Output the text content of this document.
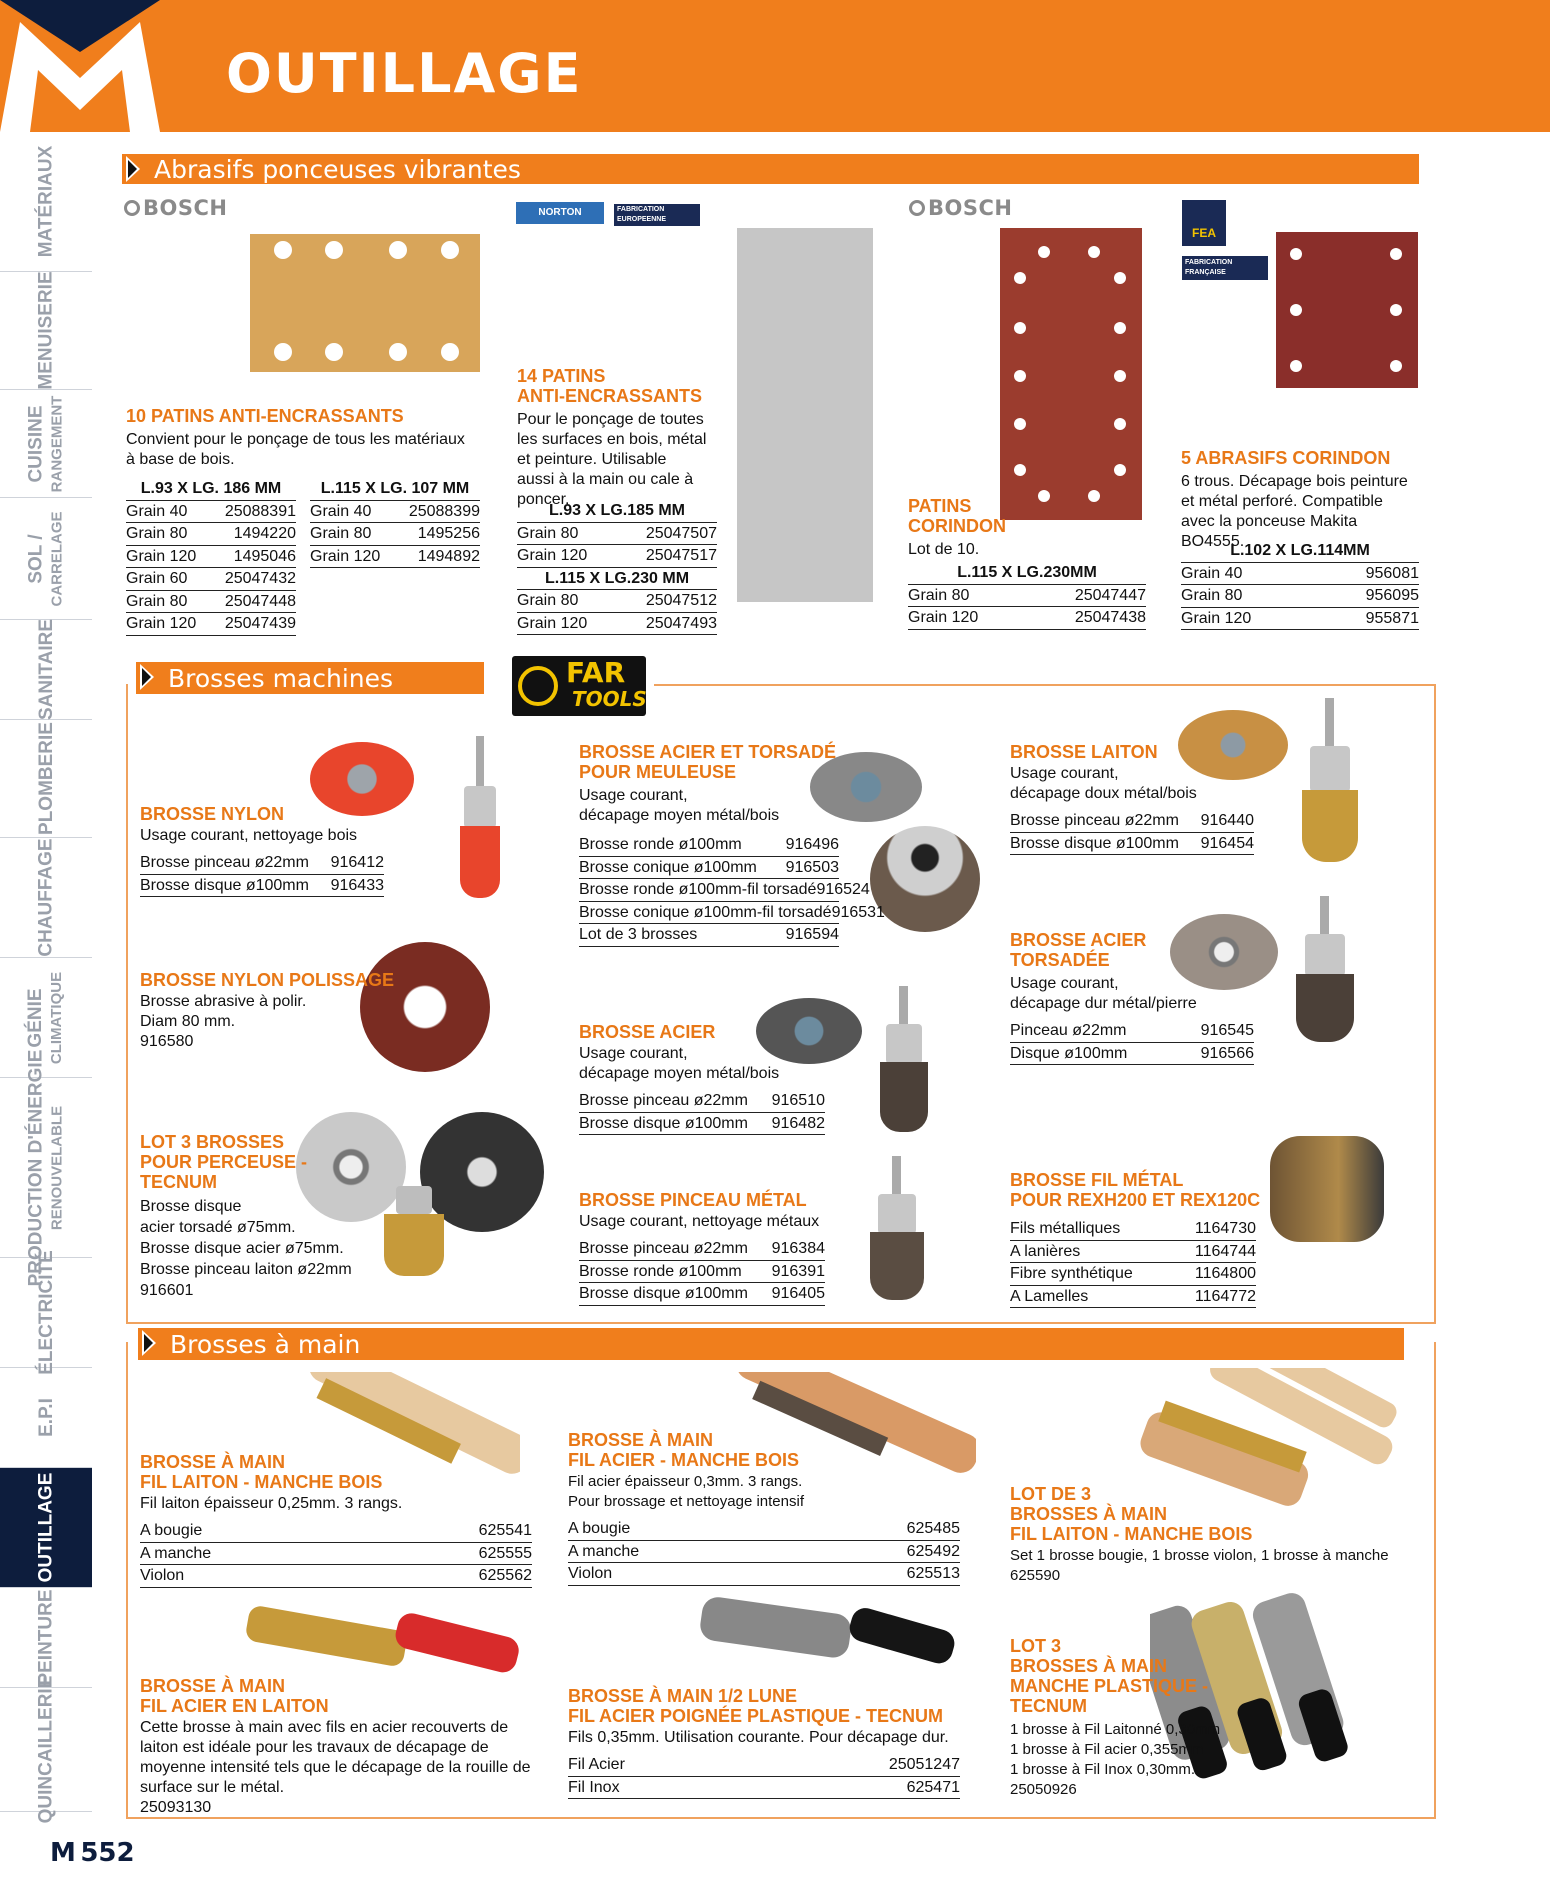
OUTILLAGE
MATÉRIAUX
MENUISERIE
CUISINE RANGEMENT
SOL / CARRELAGE
SANITAIRE
PLOMBERIE
CHAUFFAGE
GÉNIE CLIMATIQUE
PRODUCTION D'ÉNERGIE RENOUVELABLE
ÉLECTRICITÉ
E.P.I
OUTILLAGE
PEINTURE
QUINCAILLERIE
Abrasifs ponceuses vibrantes
BOSCH
10 PATINS ANTI-ENCRASSANTS
Convient pour le ponçage de tous les matériaux à base de bois.
L.93 X LG. 186 MM
Grain 40 25088391
Grain 80	1494220
Grain 120 1495046
Grain 60 25047432
Grain 80 25047448
Grain 120 25047439
L.115 X LG. 107 MM
Grain 40 25088399
Grain 80	1495256
Grain 120 1494892
NORTON	FABRICATION EUROPEENNE
14 PATINS
ANTI-ENCRASSANTS
Pour le ponçage de toutes les surfaces en bois, métal et peinture. Utilisable aussi à la main ou cale à poncer.
L.93 X LG.185 MM
Grain 80	25047507
Grain 120	25047517
L.115 X LG.230 MM
Grain 80	25047512
Grain 120	25047493
BOSCH
PATINS
CORINDON
Lot de 10.
L.115 X LG.230MM
Grain 80	25047447
Grain 120	25047438
FEA
FABRICATION FRANÇAISE
5 ABRASIFS CORINDON
6 trous. Décapage bois peinture et métal perforé. Compatible avec la ponceuse Makita BO4555.
L.102 X LG.114MM
Grain 40	956081
Grain 80	956095
Grain 120	955871
Brosses machines	FAR
TOOLS
BROSSE NYLON
Usage courant, nettoyage bois
Brosse pinceau ø22mm 916412
Brosse disque ø100mm 916433
BROSSE NYLON POLISSAGE
Brosse abrasive à polir.
Diam 80 mm.
916580
LOT 3 BROSSES
POUR PERCEUSE -
TECNUM
Brosse disque
acier torsadé ø75mm.
Brosse disque acier ø75mm.
Brosse pinceau laiton ø22mm
916601
BROSSE ACIER ET TORSADÉ
POUR MEULEUSE
Usage courant,
décapage moyen métal/bois
Brosse ronde ø100mm	916496
Brosse conique ø100mm 916503
Brosse ronde ø100mm-fil torsadé 916524
Brosse conique ø100mm-fil torsadé 916531
Lot de 3 brosses	916594
BROSSE ACIER
Usage courant,
décapage moyen métal/bois
Brosse pinceau ø22mm 916510
Brosse disque ø100mm 916482
BROSSE PINCEAU MÉTAL
Usage courant, nettoyage métaux
Brosse pinceau ø22mm 916384
Brosse ronde ø100mm 916391
Brosse disque ø100mm 916405
BROSSE LAITON
Usage courant,
décapage doux métal/bois
Brosse pinceau ø22mm 916440
Brosse disque ø100mm 916454
BROSSE ACIER
TORSADÉE
Usage courant,
décapage dur métal/pierre
Pinceau ø22mm	916545
Disque ø100mm	916566
BROSSE FIL MÉTAL
POUR REXH200 ET REX120C
Fils métalliques	1164730
A lanières	1164744
Fibre synthétique	1164800
A Lamelles	1164772
Brosses à main
BROSSE À MAIN
FIL LAITON - MANCHE BOIS
Fil laiton épaisseur 0,25mm. 3 rangs.
A bougie	625541
A manche	625555
Violon	625562
BROSSE À MAIN
FIL ACIER - MANCHE BOIS
Fil acier épaisseur 0,3mm. 3 rangs.
Pour brossage et nettoyage intensif
A bougie	625485
A manche	625492
Violon	625513
LOT DE 3
BROSSES À MAIN
FIL LAITON - MANCHE BOIS
Set 1 brosse bougie, 1 brosse violon, 1 brosse à manche
625590
BROSSE À MAIN
FIL ACIER EN LAITON
Cette brosse à main avec fils en acier recouverts de laiton est idéale pour les travaux de décapage de moyenne intensité tels que le décapage de la rouille de surface sur le métal.
25093130
BROSSE À MAIN 1/2 LUNE
FIL ACIER POIGNÉE PLASTIQUE - TECNUM
Fils 0,35mm. Utilisation courante. Pour décapage dur.
Fil Acier	25051247
Fil Inox	625471
LOT 3
BROSSES À MAIN
MANCHE PLASTIQUE -
TECNUM
1 brosse à Fil Laitonné 0,30mm
1 brosse à Fil acier 0,355mm
1 brosse à Fil Inox 0,30mm.
25050926
M 552
